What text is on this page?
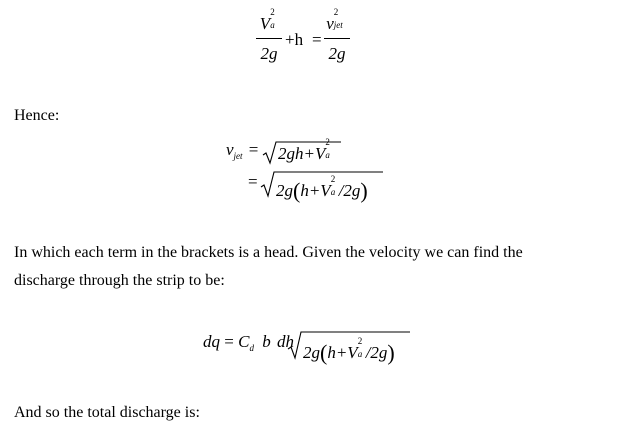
V
2
a
2g
+h =
v
2
jet
2g
Hence:
$v_{jet} = 2gh+V$
2
a
= 2g(h+V
2
a /2g)
In which each term in the brackets is a head. Given the velocity we can find the
discharge through the strip to be:
dq = $C_d$ b dh
2g(h+V
2
a /2g)
And so the total discharge is:
